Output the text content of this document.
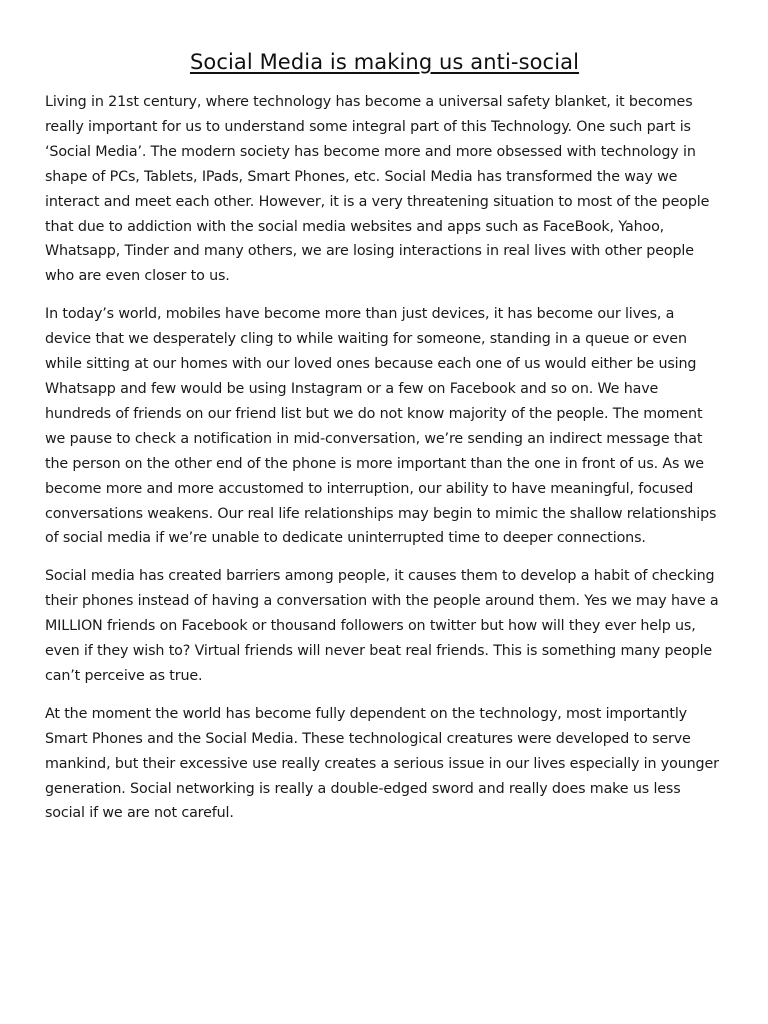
Social Media is making us anti-social

Living in 21st century, where technology has become a universal safety blanket, it becomes really important for us to understand some integral part of this Technology. One such part is ‘Social Media’. The modern society has become more and more obsessed with technology in shape of PCs, Tablets, IPads, Smart Phones, etc. Social Media has transformed the way we interact and meet each other. However, it is a very threatening situation to most of the people that due to addiction with the social media websites and apps such as FaceBook, Yahoo, Whatsapp, Tinder and many others, we are losing interactions in real lives with other people who are even closer to us.

In today’s world, mobiles have become more than just devices, it has become our lives, a device that we desperately cling to while waiting for someone, standing in a queue or even while sitting at our homes with our loved ones because each one of us would either be using Whatsapp and few would be using Instagram or a few on Facebook and so on. We have hundreds of friends on our friend list but we do not know majority of the people. The moment we pause to check a notification in mid-conversation, we’re sending an indirect message that the person on the other end of the phone is more important than the one in front of us. As we become more and more accustomed to interruption, our ability to have meaningful, focused conversations weakens. Our real life relationships may begin to mimic the shallow relationships of social media if we’re unable to dedicate uninterrupted time to deeper connections.

Social media has created barriers among people, it causes them to develop a habit of checking their phones instead of having a conversation with the people around them. Yes we may have a MILLION friends on Facebook or thousand followers on twitter but how will they ever help us, even if they wish to? Virtual friends will never beat real friends. This is something many people can’t perceive as true.

At the moment the world has become fully dependent on the technology, most importantly Smart Phones and the Social Media. These technological creatures were developed to serve mankind, but their excessive use really creates a serious issue in our lives especially in younger generation. Social networking is really a double-edged sword and really does make us less social if we are not careful.
